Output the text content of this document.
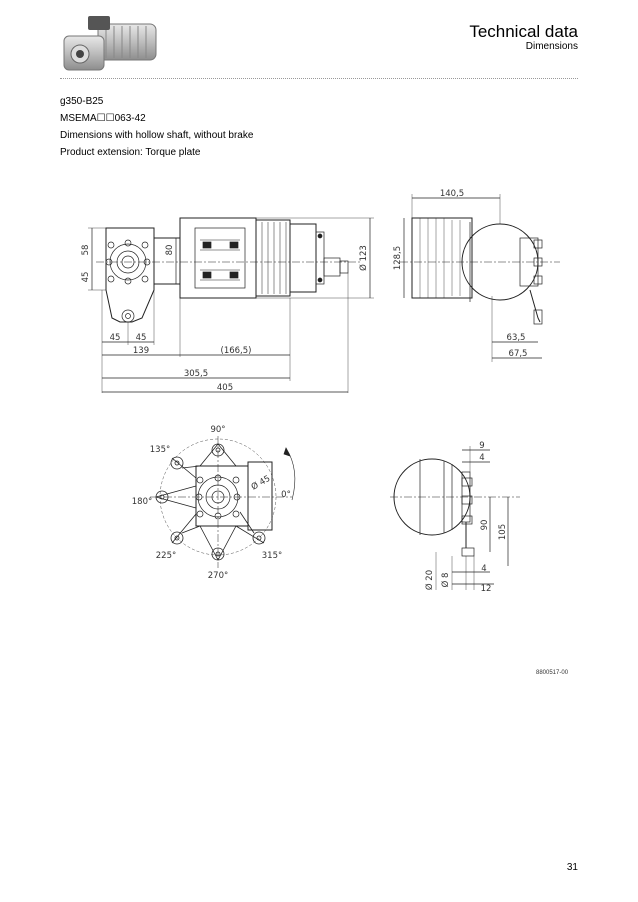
Technical data
Dimensions
g350-B25
MSEMA☐☐063-42
Dimensions with hollow shaft, without brake
Product extension: Torque plate
58
45
80	Ø 123	128,5
45 45
139	(166,5)
305,5
405
140,5
63,5
67,5
90°
135°
180°
225°
270°
315°
0°
Ø 45
9
4
90 105
Ø 20 Ø 8
4
12
8800517-00
31
